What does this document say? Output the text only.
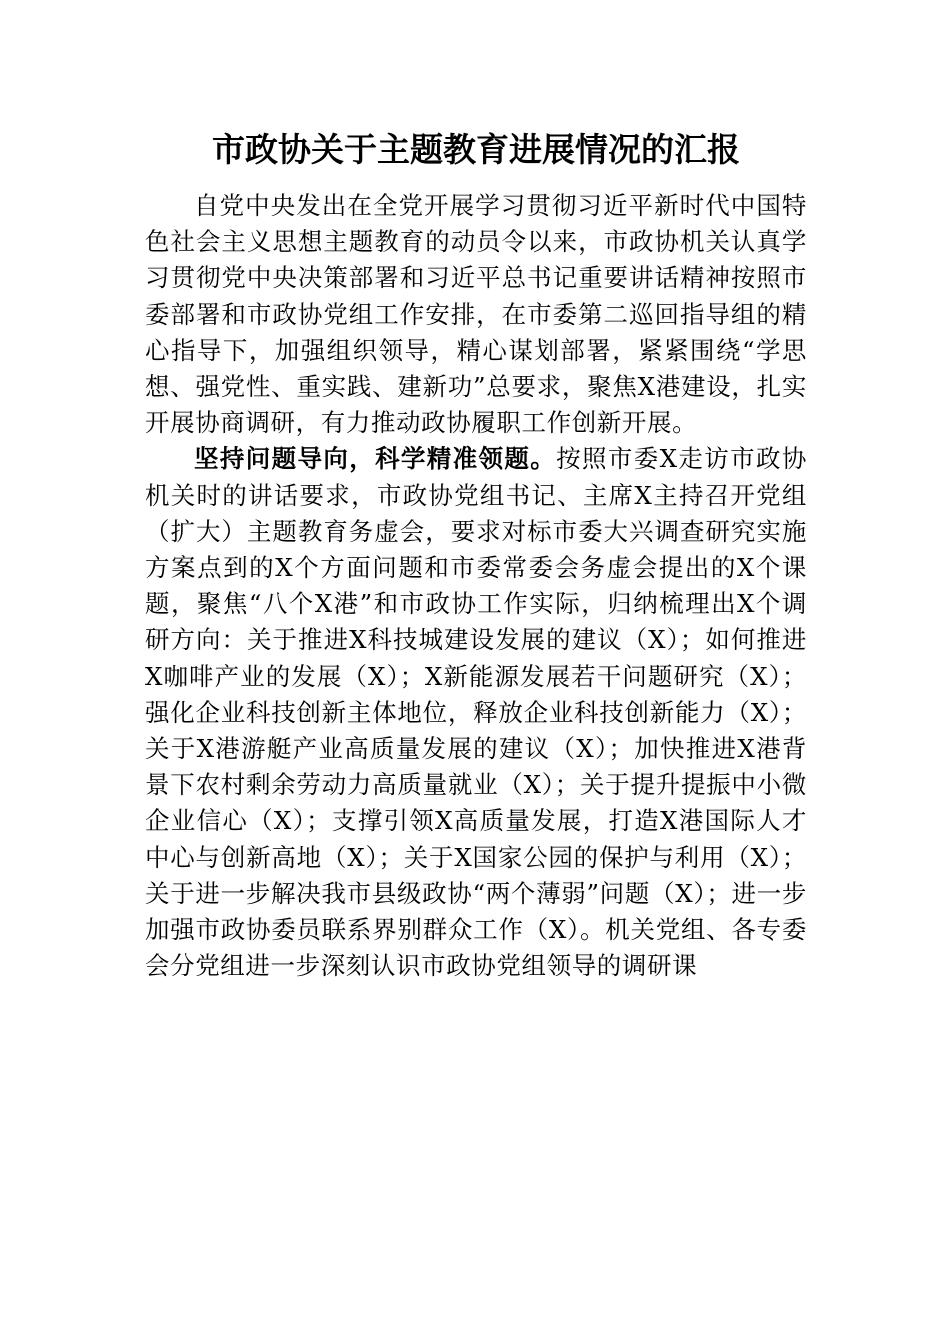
市政协关于主题教育进展情况的汇报

自党中央发出在全党开展学习贯彻习近平新时代中国特色社会主义思想主题教育的动员令以来，市政协机关认真学习贯彻党中央决策部署和习近平总书记重要讲话精神按照市委部署和市政协党组工作安排，在市委第二巡回指导组的精心指导下，加强组织领导，精心谋划部署，紧紧围绕“学思想、强党性、重实践、建新功”总要求，聚焦X港建设，扎实开展协商调研，有力推动政协履职工作创新开展。

坚持问题导向，科学精准领题。按照市委X走访市政协机关时的讲话要求，市政协党组书记、主席X主持召开党组（扩大）主题教育务虚会，要求对标市委大兴调查研究实施方案点到的X个方面问题和市委常委会务虚会提出的X个课题，聚焦“八个X港”和市政协工作实际，归纳梳理出X个调研方向：关于推进X科技城建设发展的建议（X）；如何推进X咖啡产业的发展（X）；X新能源发展若干问题研究（X）；强化企业科技创新主体地位，释放企业科技创新能力（X）；关于X港游艇产业高质量发展的建议（X）；加快推进X港背景下农村剩余劳动力高质量就业（X）；关于提升提振中小微企业信心（X）；支撑引领X高质量发展，打造X港国际人才中心与创新高地（X）；关于X国家公园的保护与利用（X）；关于进一步解决我市县级政协“两个薄弱”问题（X）；进一步加强市政协委员联系界别群众工作（X）。机关党组、各专委会分党组进一步深刻认识市政协党组领导的调研课
